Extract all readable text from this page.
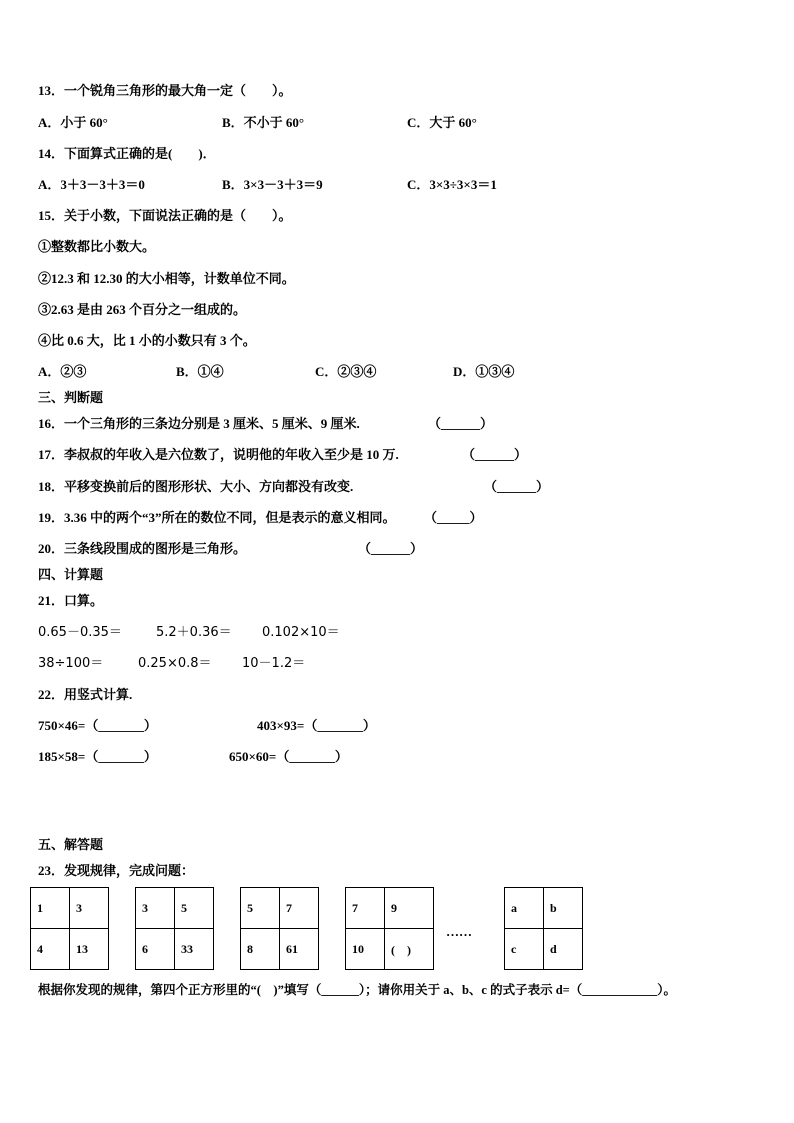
13．一个锐角三角形的最大角一定（　　）。
A．小于 60°	B．不小于 60°	C．大于 60°
14．下面算式正确的是(　　)．
A．3＋3－3＋3＝0	B．3×3－3＋3＝9	C．3×3÷3×3＝1
15．关于小数，下面说法正确的是（　　）。
①整数都比小数大。
②12.3 和 12.30 的大小相等，计数单位不同。
③2.63 是由 263 个百分之一组成的。
④比 0.6 大，比 1 小的小数只有 3 个。
A．②③	B．①④	C．②③④	D．①③④
三、判断题
16．一个三角形的三条边分别是 3 厘米、5 厘米、9 厘米.	（______）
17．李叔叔的年收入是六位数了，说明他的年收入至少是 10 万.	（______）
18．平移变换前后的图形形状、大小、方向都没有改变.	（______）
19．3.36 中的两个“3”所在的数位不同，但是表示的意义相同。 （_____）
20．三条线段围成的图形是三角形。	（______）
四、计算题
21．口算。
0.65－0.35＝	5.2＋0.36＝ 0.102×10＝
38÷100＝	0.25×0.8＝ 10－1.2＝
22．用竖式计算.
750×46=（_______）	403×93=（_______）
185×58=（_______）	650×60=（_______）
五、解答题
23．发现规律，完成问题：
1	3
4	13
3	5
6	33
5	7
8	61
7	9
10	(　)
……
a	b
c	d
根据你发现的规律，第四个正方形里的“(　)”填写（______）；请你用关于 a、b、c 的式子表示 d=（____________）。
